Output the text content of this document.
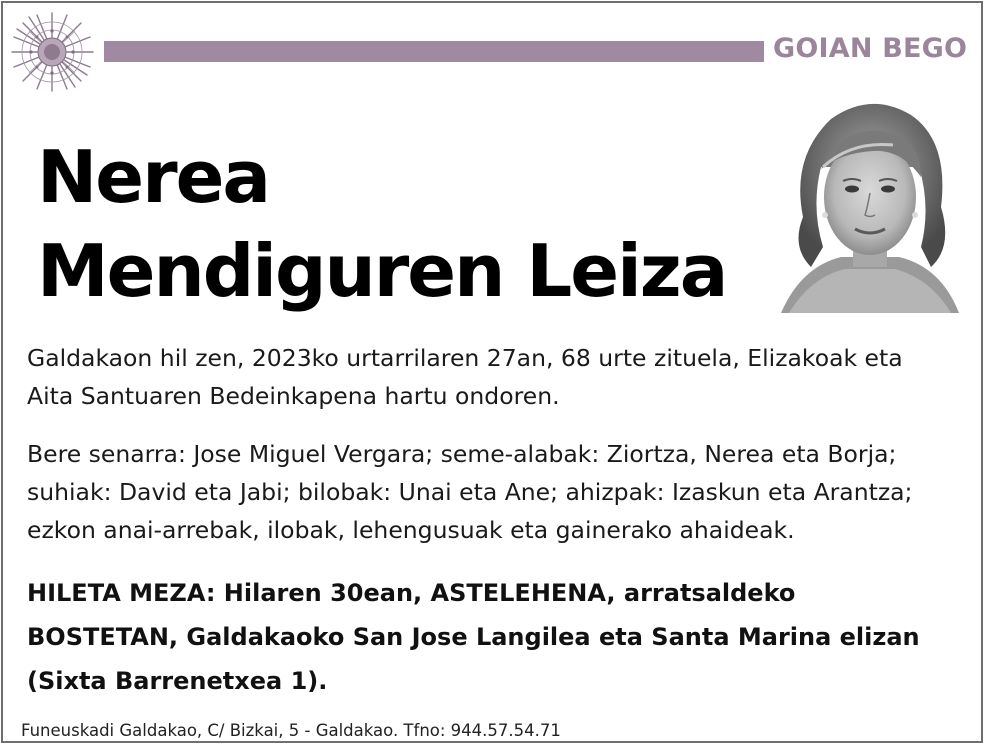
GOIAN BEGO
Nerea
Mendiguren Leiza
Galdakaon hil zen, 2023ko urtarrilaren 27an, 68 urte zituela, Elizakoak eta
Aita Santuaren Bedeinkapena hartu ondoren.
Bere senarra: Jose Miguel Vergara; seme-alabak: Ziortza, Nerea eta Borja;
suhiak: David eta Jabi; bilobak: Unai eta Ane; ahizpak: Izaskun eta Arantza;
ezkon anai-arrebak, ilobak, lehengusuak eta gainerako ahaideak.
HILETA MEZA: Hilaren 30ean, ASTELEHENA, arratsaldeko
BOSTETAN, Galdakaoko San Jose Langilea eta Santa Marina elizan
(Sixta Barrenetxea 1).
Funeuskadi Galdakao, C/ Bizkai, 5 - Galdakao. Tfno: 944.57.54.71
